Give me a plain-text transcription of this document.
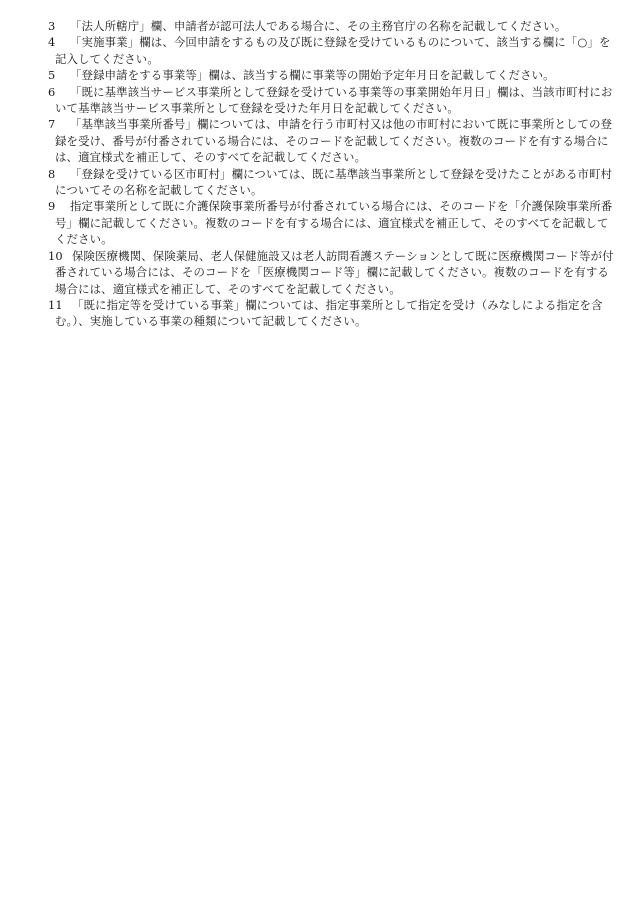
3 「法人所轄庁」欄、申請者が認可法人である場合に、その主務官庁の名称を記載してください。
4 「実施事業」欄は、今回申請をするもの及び既に登録を受けているものについて、該当する欄に「○」を記入してください。
5 「登録申請をする事業等」欄は、該当する欄に事業等の開始予定年月日を記載してください。
6 「既に基準該当サービス事業所として登録を受けている事業等の事業開始年月日」欄は、当該市町村において基準該当サービス事業所として登録を受けた年月日を記載してください。
7 「基準該当事業所番号」欄については、申請を行う市町村又は他の市町村において既に事業所としての登録を受け、番号が付番されている場合には、そのコードを記載してください。複数のコードを有する場合には、適宜様式を補正して、そのすべてを記載してください。
8 「登録を受けている区市町村」欄については、既に基準該当事業所として登録を受けたことがある市町村についてその名称を記載してください。
9 指定事業所として既に介護保険事業所番号が付番されている場合には、そのコードを「介護保険事業所番号」欄に記載してください。複数のコードを有する場合には、適宜様式を補正して、そのすべてを記載してください。
10 保険医療機関、保険薬局、老人保健施設又は老人訪問看護ステーションとして既に医療機関コード等が付番されている場合には、そのコードを「医療機関コード等」欄に記載してください。複数のコードを有する場合には、適宜様式を補正して、そのすべてを記載してください。
11 「既に指定等を受けている事業」欄については、指定事業所として指定を受け（みなしによる指定を含む。）、実施している事業の種類について記載してください。
